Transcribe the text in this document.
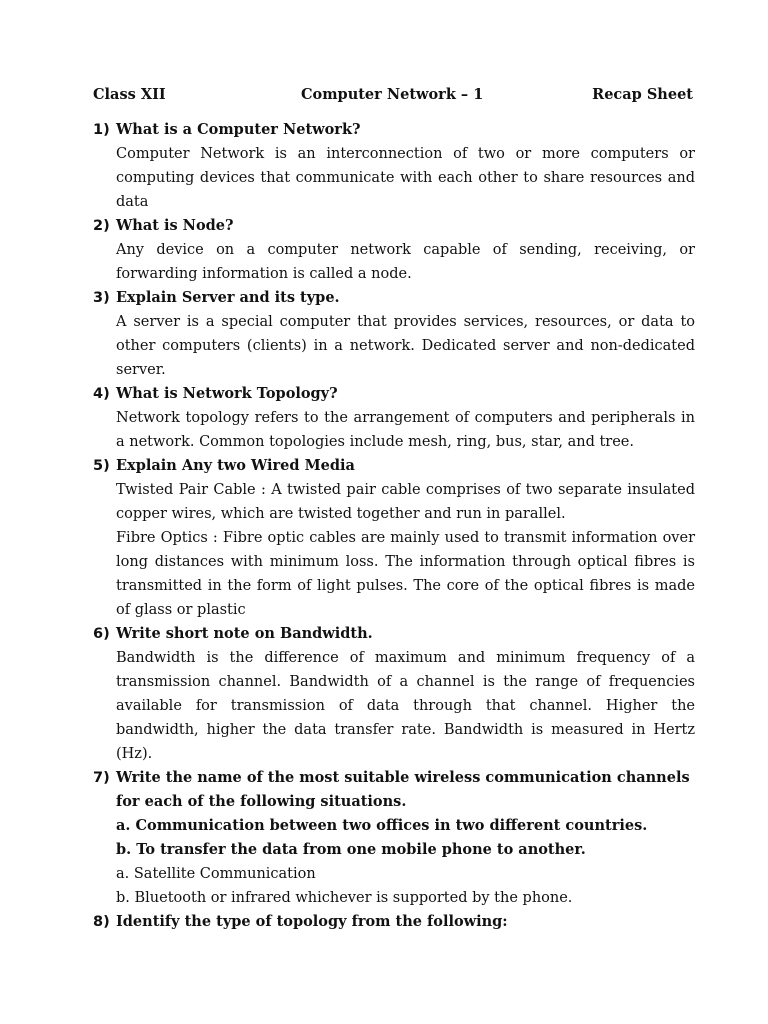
Class XII	Computer Network – 1	Recap Sheet
1) What is a Computer Network?
Computer Network is an interconnection of two or more computers or computing devices that communicate with each other to share resources and data
2) What is Node?
Any device on a computer network capable of sending, receiving, or forwarding information is called a node.
3) Explain Server and its type.
A server is a special computer that provides services, resources, or data to other computers (clients) in a network. Dedicated server and non-dedicated server.
4) What is Network Topology?
Network topology refers to the arrangement of computers and peripherals in a network. Common topologies include mesh, ring, bus, star, and tree.
5) Explain Any two Wired Media
Twisted Pair Cable : A twisted pair cable comprises of two separate insulated copper wires, which are twisted together and run in parallel.
Fibre Optics : Fibre optic cables are mainly used to transmit information over long distances with minimum loss. The information through optical fibres is transmitted in the form of light pulses. The core of the optical fibres is made of glass or plastic
6) Write short note on Bandwidth.
Bandwidth is the difference of maximum and minimum frequency of a transmission channel. Bandwidth of a channel is the range of frequencies available for transmission of data through that channel. Higher the bandwidth, higher the data transfer rate. Bandwidth is measured in Hertz (Hz).
7) Write the name of the most suitable wireless communication channels for each of the following situations.
a. Communication between two offices in two different countries.
b. To transfer the data from one mobile phone to another.
a. Satellite Communication
b. Bluetooth or infrared whichever is supported by the phone.
8) Identify the type of topology from the following:
